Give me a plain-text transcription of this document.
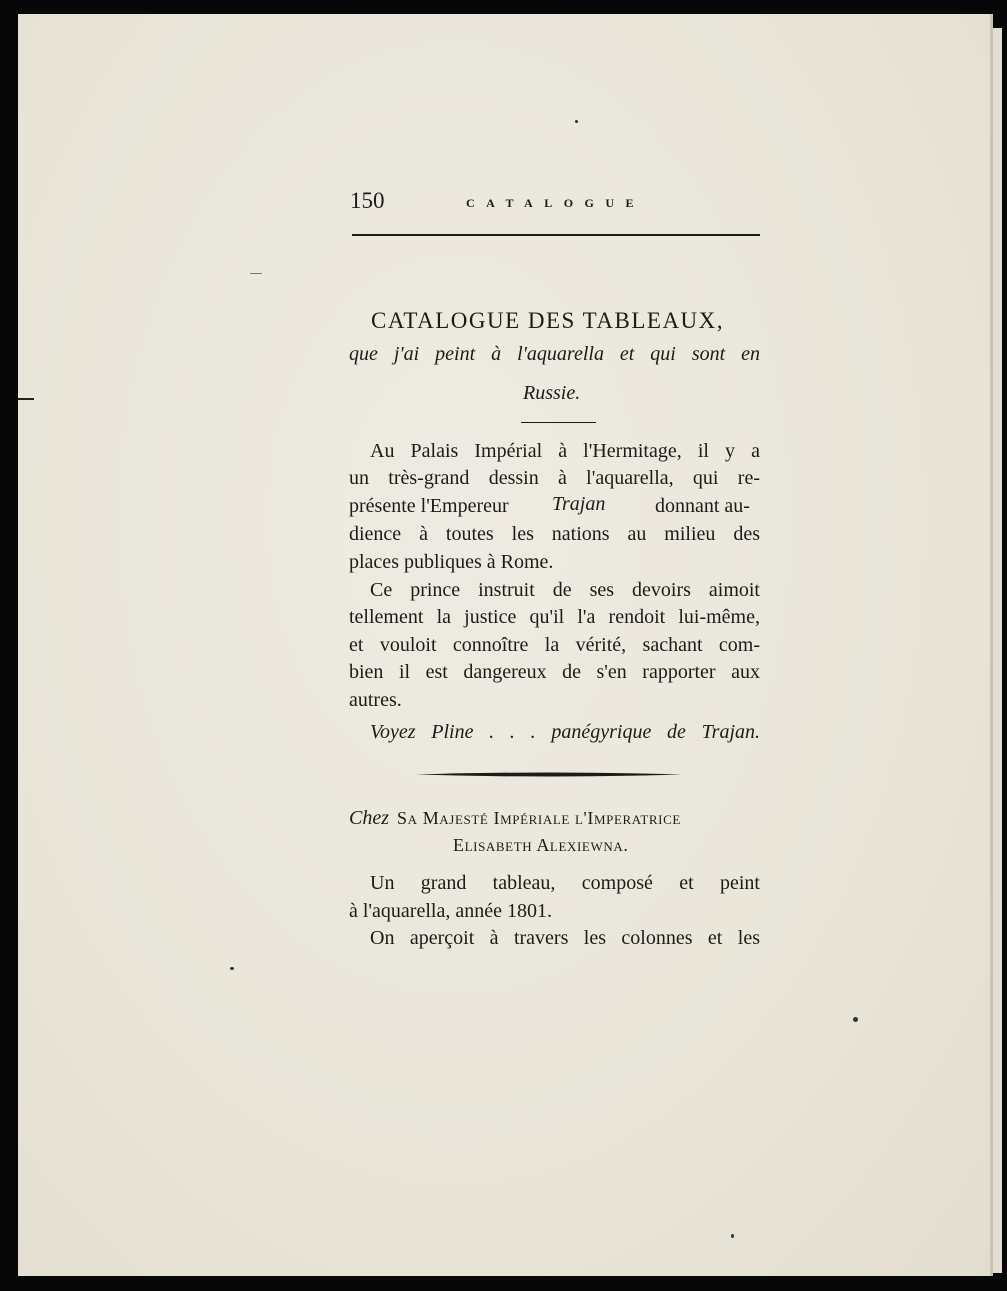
150	CATALOGUE
CATALOGUE DES TABLEAUX,
que j'ai peint à l'aquarella et qui sont en
Russie.
Au Palais Impérial à l'Hermitage, il y a
un très-grand dessin à l'aquarella, qui re-
présente l'Empereur Trajan donnant au-
dience à toutes les nations au milieu des
places publiques à Rome.
Ce prince instruit de ses devoirs aimoit
tellement la justice qu'il l'a rendoit lui-même,
et vouloit connoître la vérité, sachant com-
bien il est dangereux de s'en rapporter aux
autres.
Voyez Pline . . . panégyrique de Trajan.
Chez Sa Majesté Impériale l'Imperatrice
Elisabeth Alexiewna.
Un grand tableau, composé et peint
à l'aquarella, année 1801.
On aperçoit à travers les colonnes et les
